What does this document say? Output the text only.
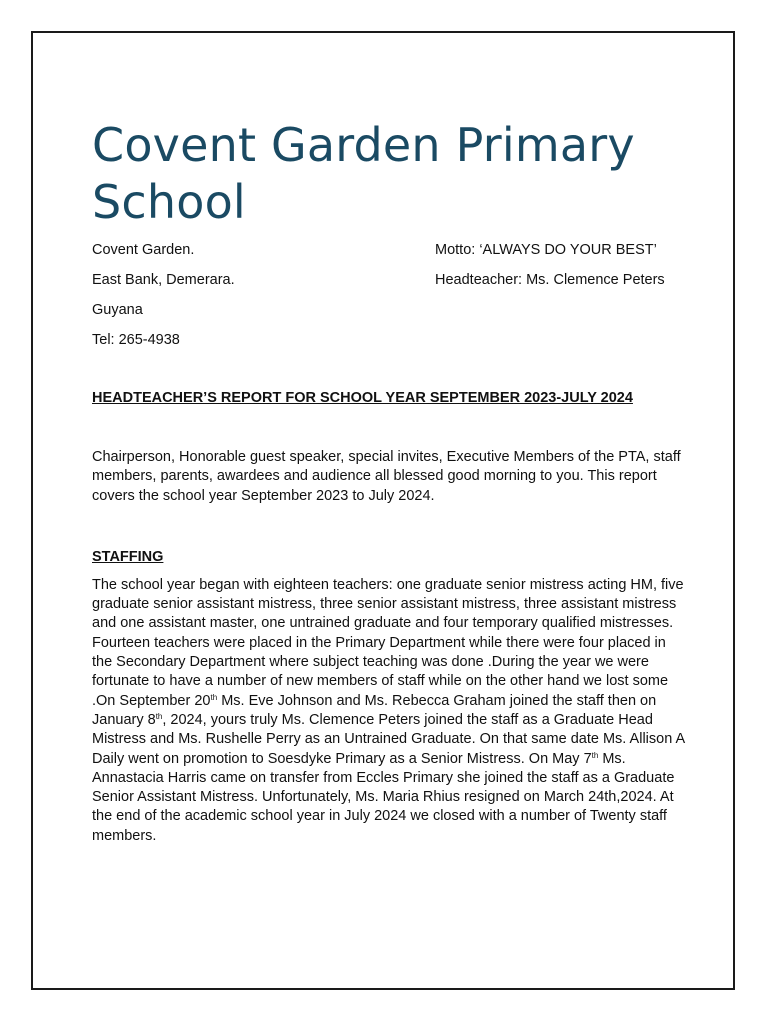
Covent Garden Primary School
Covent Garden.
East Bank, Demerara.
Guyana
Tel: 265-4938
Motto: ‘ALWAYS DO YOUR BEST’
Headteacher: Ms. Clemence Peters
HEADTEACHER’S REPORT FOR SCHOOL YEAR SEPTEMBER 2023-JULY 2024

Chairperson, Honorable guest speaker, special invites, Executive Members of the PTA, staff members, parents, awardees and audience all blessed good morning to you. This report covers the school year September 2023 to July 2024.

STAFFING

The school year began with eighteen teachers: one graduate senior mistress acting HM, five graduate senior assistant mistress, three senior assistant mistress, three assistant mistress and one assistant master, one untrained graduate and four temporary qualified mistresses. Fourteen teachers were placed in the Primary Department while there were four placed in the Secondary Department where subject teaching was done .During the year we were fortunate to have a number of new members of staff while on the other hand we lost some .On September 20th Ms. Eve Johnson and Ms. Rebecca Graham joined the staff then on January 8th, 2024, yours truly Ms. Clemence Peters joined the staff as a Graduate Head Mistress and Ms. Rushelle Perry as an Untrained Graduate. On that same date Ms. Allison A Daily went on promotion to Soesdyke Primary as a Senior Mistress. On May 7th Ms. Annastacia Harris came on transfer from Eccles Primary she joined the staff as a Graduate Senior Assistant Mistress. Unfortunately, Ms. Maria Rhius resigned on March 24th,2024. At the end of the academic school year in July 2024 we closed with a number of Twenty staff members.
